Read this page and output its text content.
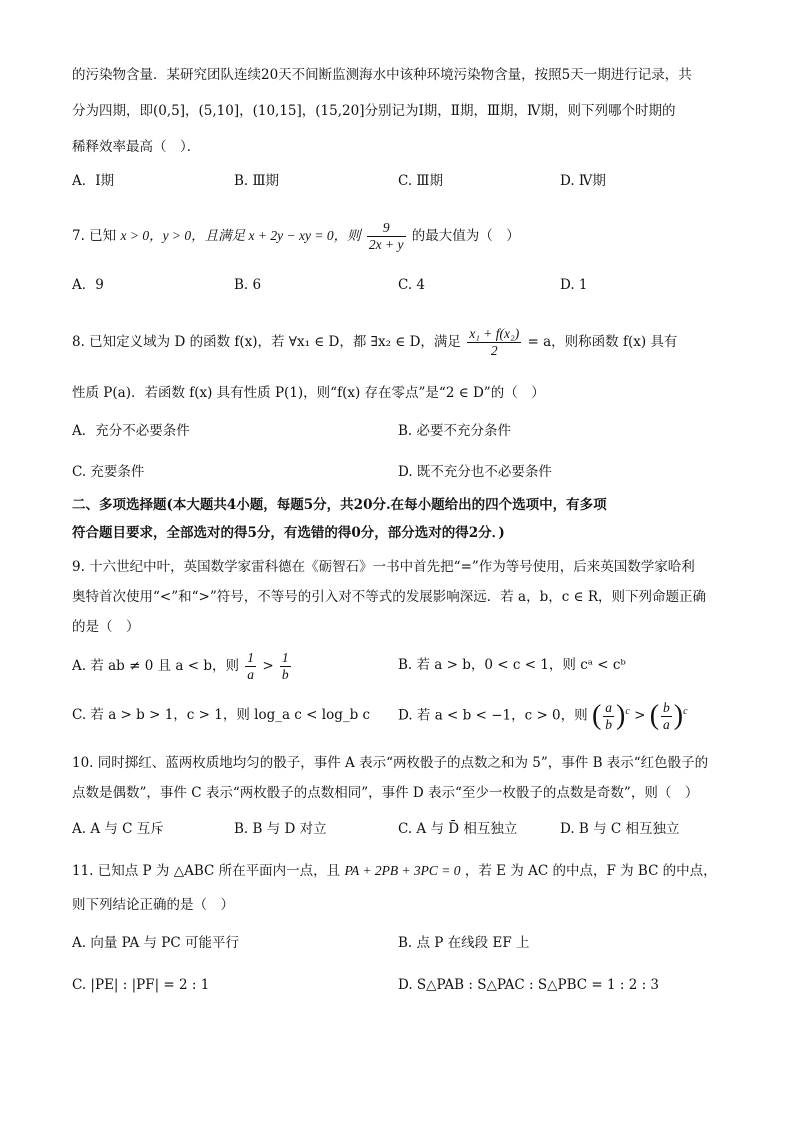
的污染物含量．某研究团队连续20天不间断监测海水中该种环境污染物含量，按照5天一期进行记录，共
分为四期，即(0,5]，(5,10]，(10,15]，(15,20]分别记为Ⅰ期，Ⅱ期，Ⅲ期，Ⅳ期，则下列哪个时期的
稀释效率最高（　）．
A．Ⅰ期	B. Ⅲ期	C. Ⅲ期	D. Ⅳ期
7. 已知 x > 0，y > 0，且满足 x + 2y − xy = 0，则 $\frac{9}{2x + y}$ 的最大值为（　）
A．9	B. 6	C. 4	D. 1
8. 已知定义域为 D 的函数 f(x)，若 ∀x₁ ∈ D，都 ∃x₂ ∈ D，满足 $\frac{\text{x₁ + f(x₂)}}{2} = a$，则称函数 f(x) 具有
性质 P(a)．若函数 f(x) 具有性质 P(1)，则“f(x) 存在零点”是“2 ∈ D”的（　）
A．充分不必要条件	B. 必要不充分条件
C. 充要条件	D. 既不充分也不必要条件
二、多项选择题(本大题共4小题，每题5分，共20分.在每小题给出的四个选项中，有多项
符合题目要求，全部选对的得5分，有选错的得0分，部分选对的得2分．)
9. 十六世纪中叶，英国数学家雷科德在《砺智石》一书中首先把“=”作为等号使用，后来英国数学家哈利
奥特首次使用“<”和“>”符号，不等号的引入对不等式的发展影响深远．若 a，b，c ∈ R，则下列命题正确
的是（　）
A. 若 ab ≠ 0 且 a < b，则 $\frac{1}{a} > \frac{1}{b}$	B. 若 a > b，0 < c < 1，则 cᵃ < cᵇ
C. 若 a > b > 1，c > 1，则 log_a c < log_b c D. 若 a < b < −1，c > 0，则 ( $\frac{a}{b} )^c$ > ( $\frac{b}{a} )^c$
10. 同时掷红、蓝两枚质地均匀的骰子，事件 A 表示“两枚骰子的点数之和为 5”，事件 B 表示“红色骰子的
点数是偶数”，事件 C 表示“两枚骰子的点数相同”，事件 D 表示“至少一枚骰子的点数是奇数”，则（　）
A. A 与 C 互斥	B. B 与 D 对立	C. A 与 D̄ 相互独立	D. B 与 C 相互独立
11. 已知点 P 为 △ABC 所在平面内一点，且 PA + 2PB + 3PC = 0 ，若 E 为 AC 的中点，F 为 BC 的中点，
则下列结论正确的是（　）
A. 向量 PA 与 PC 可能平行	B. 点 P 在线段 EF 上
C. |PE| : |PF| = 2 : 1	D. S△PAB : S△PAC : S△PBC = 1 : 2 : 3
